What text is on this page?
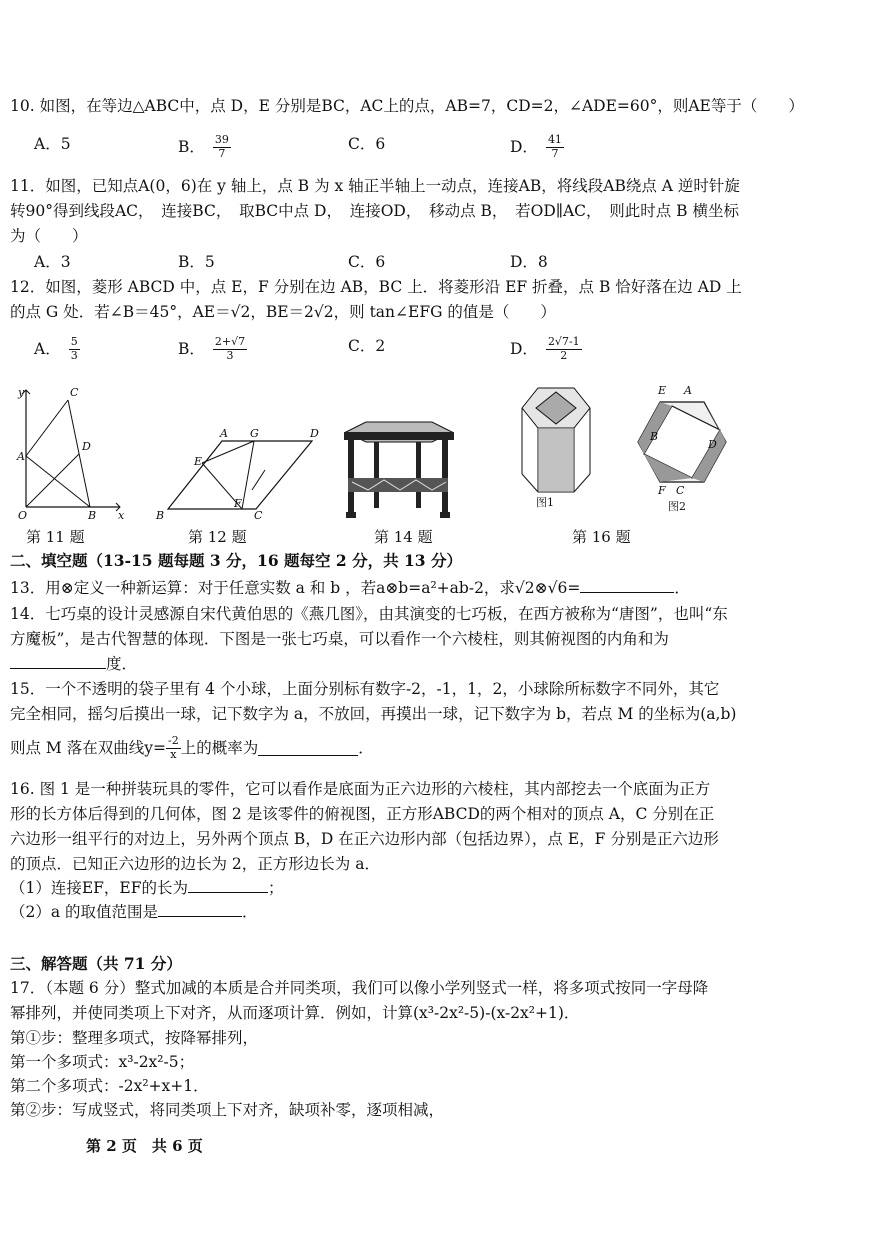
10. 如图，在等边△ABC中，点 D，E 分别是BC，AC上的点，AB=7，CD=2，∠ADE=60°，则AE等于（　　）
A．5	B． $\frac{39}{7}$	C．6	D． $\frac{41}{7}$
11．如图，已知点A(0，6)在 y 轴上，点 B 为 x 轴正半轴上一动点，连接AB，将线段AB绕点 A 逆时针旋
转90°得到线段AC，　连接BC，　取BC中点 D，　连接OD，　移动点 B，　若OD∥AC，　则此时点 B 横坐标
为（　　）
A．3	B．5	C．6	D．8
12．如图，菱形 ABCD 中，点 E，F 分别在边 AB，BC 上．将菱形沿 EF 折叠，点 B 恰好落在边 AD 上
的点 G 处．若∠B＝45°，AE＝√2，BE＝2√2，则 tan∠EFG 的值是（　　）
A． $\frac{5}{3}$	B． $\frac{2+√7}{3}$	C．2	D． $\frac{2√7-1}{2}$
y	C
D
A
O	B x
第 11 题
A G	D
E
F
B	C
第 12 题	第 14 题
图1
E A
B
D
F C
图2
第 16 题
二、填空题（13-15 题每题 3 分，16 题每空 2 分，共 13 分）
13．用⊗定义一种新运算：对于任意实数 a 和 b ，若a⊗b=a²+ab-2，求√2⊗√6=	．
14．七巧桌的设计灵感源自宋代黄伯思的《燕几图》，由其演变的七巧板，在西方被称为“唐图”，也叫“东
方魔板”，是古代智慧的体现．下图是一张七巧桌，可以看作一个六棱柱，则其俯视图的内角和为
度．
15．一个不透明的袋子里有 4 个小球，上面分别标有数字-2，-1，1，2，小球除所标数字不同外，其它
完全相同，摇匀后摸出一球，记下数字为 a，不放回，再摸出一球，记下数字为 b，若点 M 的坐标为(a,b)
则点 M 落在双曲线$y= \frac{-2}{x}$ 上的概率为	．
16. 图 1 是一种拼装玩具的零件，它可以看作是底面为正六边形的六棱柱，其内部挖去一个底面为正方
形的长方体后得到的几何体，图 2 是该零件的俯视图，正方形ABCD的两个相对的顶点 A，C 分别在正
六边形一组平行的对边上，另外两个顶点 B，D 在正六边形内部（包括边界），点 E，F 分别是正六边形
的顶点．已知正六边形的边长为 2，正方形边长为 a．
（1）连接EF，EF的长为	；
（2）a 的取值范围是	．
三、解答题（共 71 分）
17．（本题 6 分）整式加减的本质是合并同类项，我们可以像小学列竖式一样，将多项式按同一字母降
幂排列，并使同类项上下对齐，从而逐项计算．例如，计算(x³-2x²-5)-(x-2x²+1)．
第①步：整理多项式，按降幂排列，
第一个多项式：x³-2x²-5；
第二个多项式：-2x²+x+1．
第②步：写成竖式，将同类项上下对齐，缺项补零，逐项相减，
第 2 页　共 6 页
